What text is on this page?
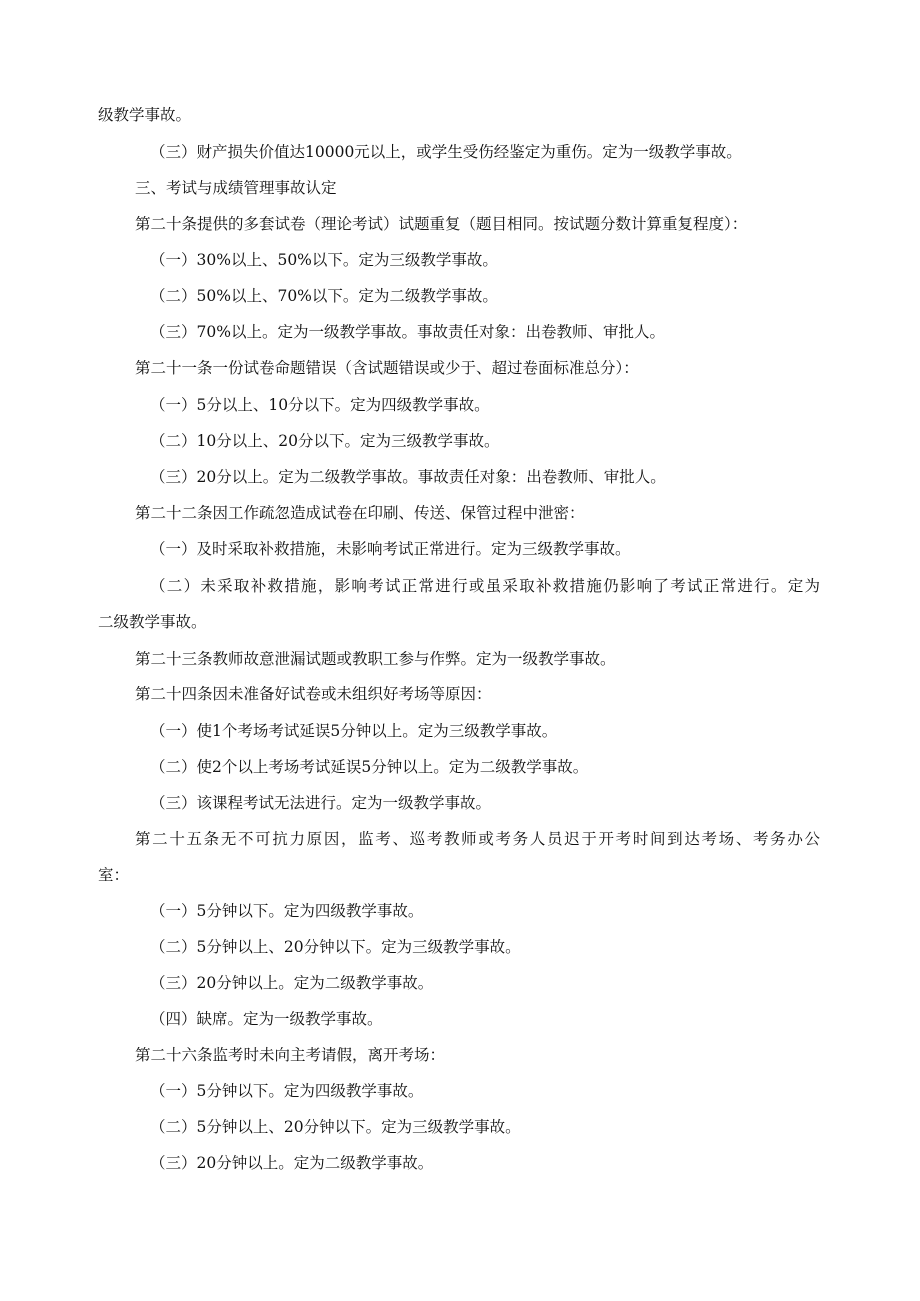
级教学事故。
（三）财产损失价值达10000元以上，或学生受伤经鉴定为重伤。定为一级教学事故。
三、考试与成绩管理事故认定
第二十条提供的多套试卷（理论考试）试题重复（题目相同。按试题分数计算重复程度）：
（一）30%以上、50%以下。定为三级教学事故。
（二）50%以上、70%以下。定为二级教学事故。
（三）70%以上。定为一级教学事故。事故责任对象：出卷教师、审批人。
第二十一条一份试卷命题错误（含试题错误或少于、超过卷面标准总分）：
（一）5分以上、10分以下。定为四级教学事故。
（二）10分以上、20分以下。定为三级教学事故。
（三）20分以上。定为二级教学事故。事故责任对象：出卷教师、审批人。
第二十二条因工作疏忽造成试卷在印刷、传送、保管过程中泄密：
（一）及时采取补救措施，未影响考试正常进行。定为三级教学事故。
（二）未采取补救措施，影响考试正常进行或虽采取补救措施仍影响了考试正常进行。定为
二级教学事故。
第二十三条教师故意泄漏试题或教职工参与作弊。定为一级教学事故。
第二十四条因未准备好试卷或未组织好考场等原因：
（一）使1个考场考试延误5分钟以上。定为三级教学事故。
（二）使2个以上考场考试延误5分钟以上。定为二级教学事故。
（三）该课程考试无法进行。定为一级教学事故。
第二十五条无不可抗力原因，监考、巡考教师或考务人员迟于开考时间到达考场、考务办公
室：
（一）5分钟以下。定为四级教学事故。
（二）5分钟以上、20分钟以下。定为三级教学事故。
（三）20分钟以上。定为二级教学事故。
（四）缺席。定为一级教学事故。
第二十六条监考时未向主考请假，离开考场：
（一）5分钟以下。定为四级教学事故。
（二）5分钟以上、20分钟以下。定为三级教学事故。
（三）20分钟以上。定为二级教学事故。
